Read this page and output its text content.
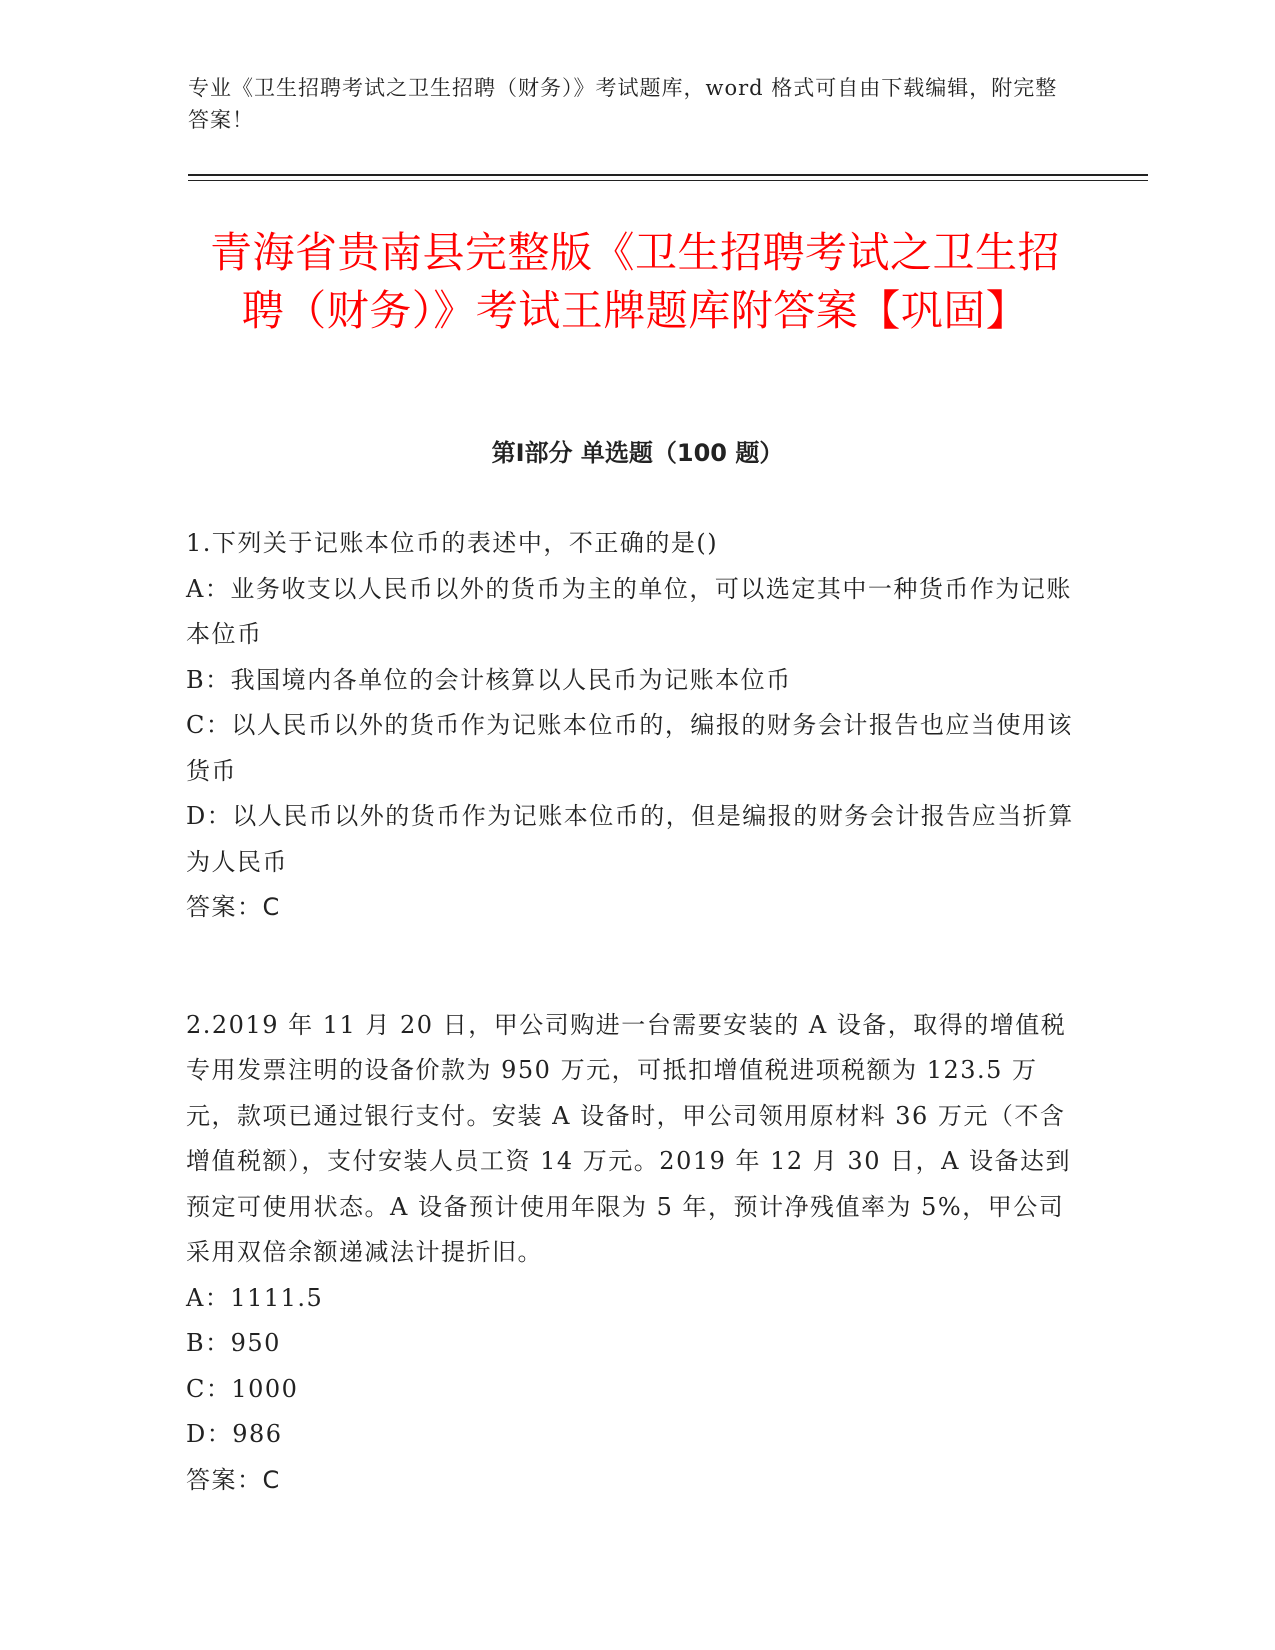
专业《卫生招聘考试之卫生招聘（财务）》考试题库，word 格式可自由下载编辑，附完整答案！
青海省贵南县完整版《卫生招聘考试之卫生招聘（财务）》考试王牌题库附答案【巩固】
第Ⅰ部分 单选题（100 题）

1.下列关于记账本位币的表述中，不正确的是()

A：业务收支以人民币以外的货币为主的单位，可以选定其中一种货币作为记账本位币

B：我国境内各单位的会计核算以人民币为记账本位币

C：以人民币以外的货币作为记账本位币的，编报的财务会计报告也应当使用该货币

D：以人民币以外的货币作为记账本位币的，但是编报的财务会计报告应当折算为人民币

答案：C

2.2019 年 11 月 20 日，甲公司购进一台需要安装的 A 设备，取得的增值税专用发票注明的设备价款为 950 万元，可抵扣增值税进项税额为 123.5 万元，款项已通过银行支付。安装 A 设备时，甲公司领用原材料 36 万元（不含增值税额），支付安装人员工资 14 万元。2019 年 12 月 30 日，A 设备达到预定可使用状态。A 设备预计使用年限为 5 年，预计净残值率为 5%，甲公司采用双倍余额递减法计提折旧。

A：1111.5

B：950

C：1000

D：986

答案：C
